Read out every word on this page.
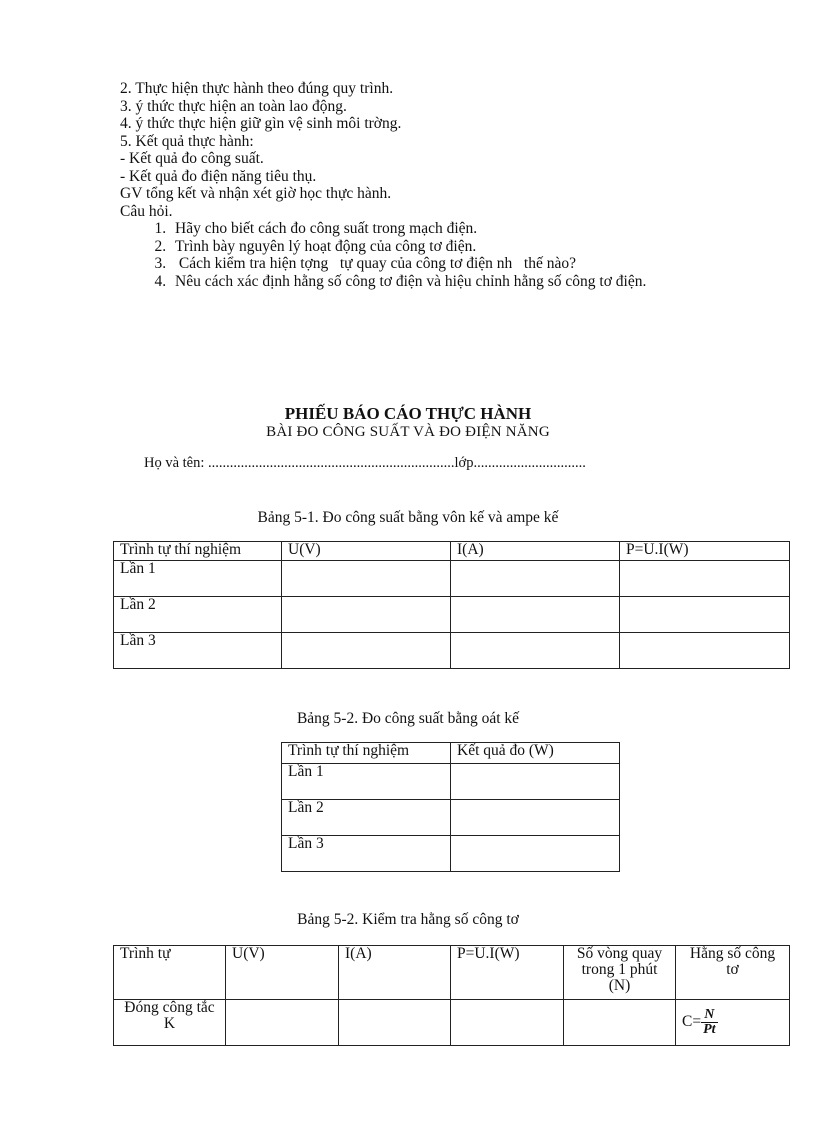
2. Thực hiện thực hành theo đúng quy trình.
3. ý thức thực hiện an toàn lao động.
4. ý thức thực hiện giữ gìn vệ sinh môi trờng.
5. Kết quả thực hành:
- Kết quả đo công suất.
- Kết quả đo điện năng tiêu thụ.
GV tổng kết và nhận xét giờ học thực hành.
Câu hỏi.
1. Hãy cho biết cách đo công suất trong mạch điện.
2. Trình bày nguyên lý hoạt động của công tơ điện.
3.  Cách kiểm tra hiện tợng   tự quay của công tơ điện nh   thế nào?
4. Nêu cách xác định hằng số công tơ điện và hiệu chỉnh hằng số công tơ điện.
PHIẾU BÁO CÁO THỰC HÀNH
BÀI ĐO CÔNG SUẤT VÀ ĐO ĐIỆN NĂNG
Họ và tên: ....................................................................lớp...............................
Bảng 5-1. Đo công suất bằng vôn kế và ampe kế
Trình tự thí nghiệm	U(V)	I(A)	P=U.I(W)
Lần 1			
Lần 2			
Lần 3			
Bảng 5-2. Đo công suất bằng oát kế
Trình tự thí nghiệm	Kết quả đo (W)
Lần 1	
Lần 2	
Lần 3	
Bảng 5-2. Kiểm tra hằng số công tơ
Trình tự	U(V)	I(A)	P=U.I(W)	Số vòng quay trong 1 phút (N)	Hằng số công tơ
Đóng công tắc K					$C= \frac{N}{Pt}$
